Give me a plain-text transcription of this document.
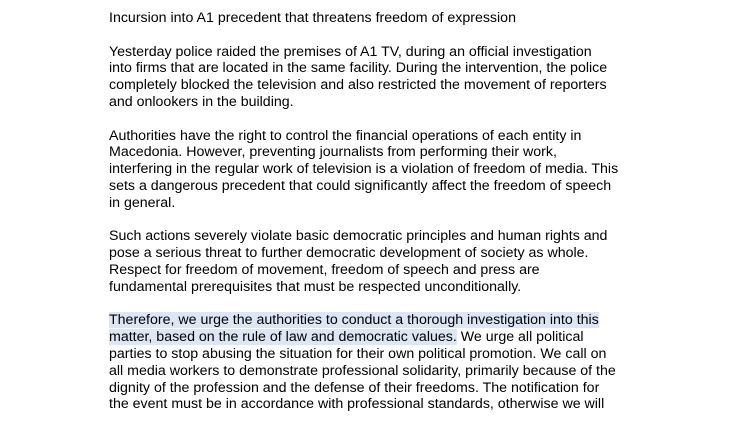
Incursion into A1 precedent that threatens freedom of expression
Yesterday police raided the premises of A1 TV, during an official investigation
into firms that are located in the same facility. During the intervention, the police
completely blocked the television and also restricted the movement of reporters
and onlookers in the building.
Authorities have the right to control the financial operations of each entity in
Macedonia. However, preventing journalists from performing their work,
interfering in the regular work of television is a violation of freedom of media. This
sets a dangerous precedent that could significantly affect the freedom of speech
in general.
Such actions severely violate basic democratic principles and human rights and
pose a serious threat to further democratic development of society as whole.
Respect for freedom of movement, freedom of speech and press are
fundamental prerequisites that must be respected unconditionally.
Therefore, we urge the authorities to conduct a thorough investigation into this
matter, based on the rule of law and democratic values. We urge all political
parties to stop abusing the situation for their own political promotion. We call on
all media workers to demonstrate professional solidarity, primarily because of the
dignity of the profession and the defense of their freedoms. The notification for
the event must be in accordance with professional standards, otherwise we will
